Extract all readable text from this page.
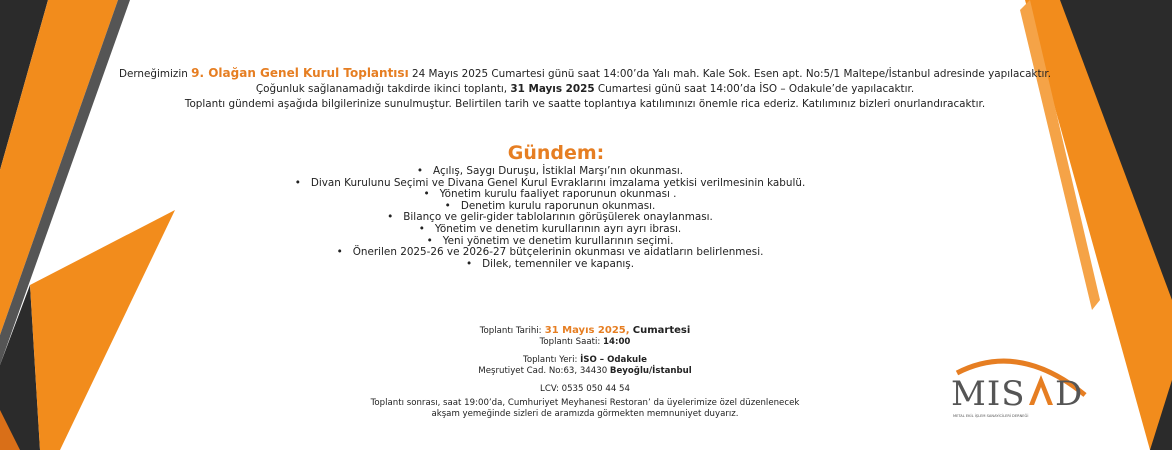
Derneğimizin 9. Olağan Genel Kurul Toplantısı 24 Mayıs 2025 Cumartesi günü saat 14:00’da Yalı mah. Kale Sok. Esen apt. No:5/1 Maltepe/İstanbul adresinde yapılacaktır.
Çoğunluk sağlanamadığı takdirde ikinci toplantı, 31 Mayıs 2025 Cumartesi günü saat 14:00’da İSO – Odakule’de yapılacaktır.
Toplantı gündemi aşağıda bilgilerinize sunulmuştur. Belirtilen tarih ve saatte toplantıya katılımınızı önemle rica ederiz. Katılımınız bizleri onurlandıracaktır.
Gündem:
• Açılış, Saygı Duruşu, İstiklal Marşı’nın okunması.
• Divan Kurulunu Seçimi ve Divana Genel Kurul Evraklarını imzalama yetkisi verilmesinin kabulü.
• Yönetim kurulu faaliyet raporunun okunması .
• Denetim kurulu raporunun okunması.
• Bilanço ve gelir-gider tablolarının görüşülerek onaylanması.
• Yönetim ve denetim kurullarının ayrı ayrı ibrası.
• Yeni yönetim ve denetim kurullarının seçimi.
• Önerilen 2025-26 ve 2026-27 bütçelerinin okunması ve aidatların belirlenmesi.
• Dilek, temenniler ve kapanış.
Toplantı Tarihi: 31 Mayıs 2025, Cumartesi
Toplantı Saati: 14:00
Toplantı Yeri: İSO – Odakule
Meşrutiyet Cad. No:63, 34430 Beyoğlu/İstanbul
LCV: 0535 050 44 54
Toplantı sonrası, saat 19:00’da, Cumhuriyet Meyhanesi Restoran’ da üyelerimize özel düzenlenecek
akşam yemeğinde sizleri de aramızda görmekten memnuniyet duyarız.	MIS D
METAL EKİL İŞLEM SANAYİCİLERİ DERNEĞİ
